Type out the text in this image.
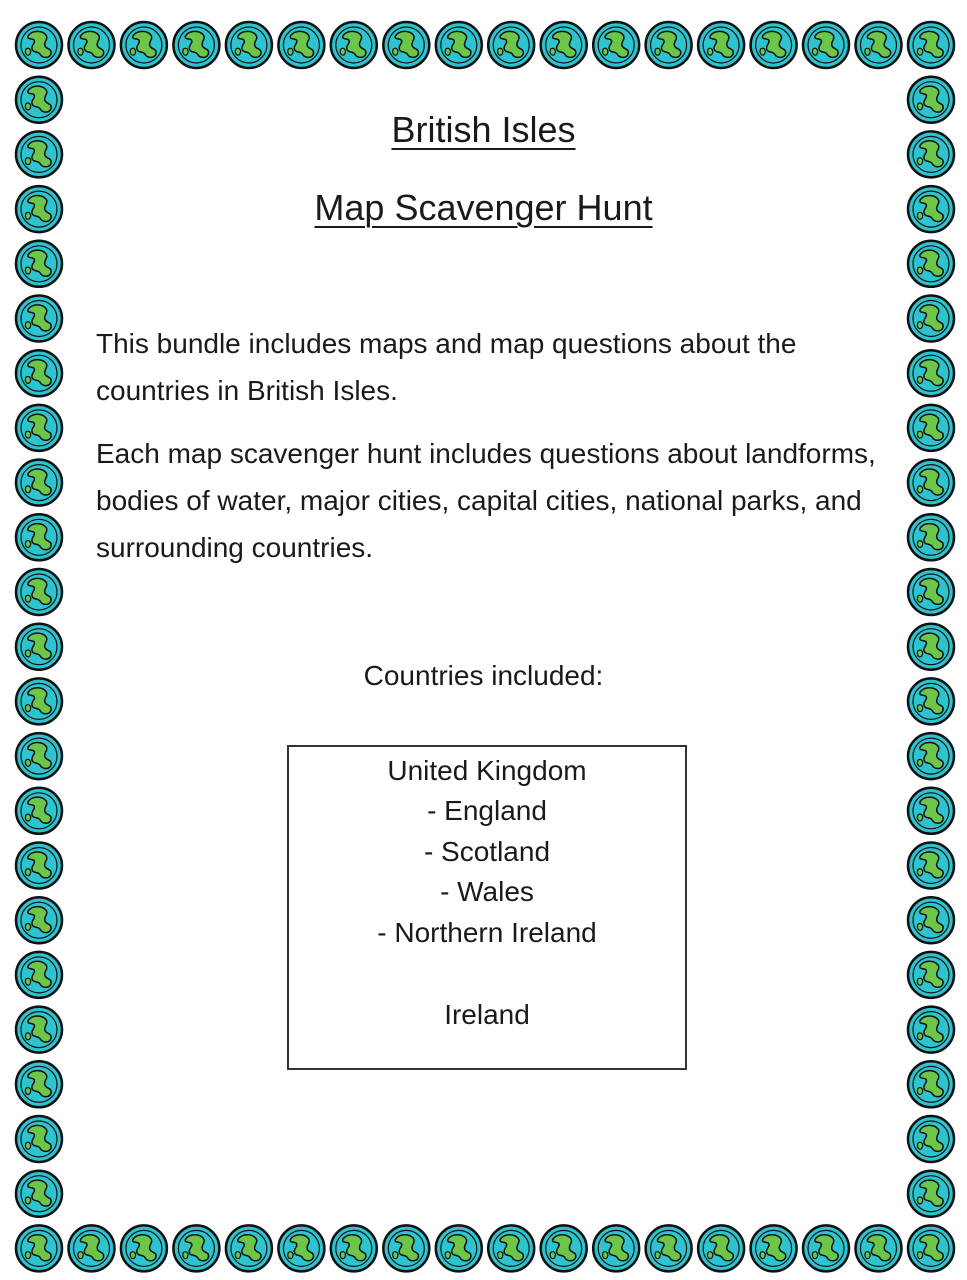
British Isles
Map Scavenger Hunt

This bundle includes maps and map questions about the countries in British Isles.

Each map scavenger hunt includes questions about landforms, bodies of water, major cities, capital cities, national parks, and surrounding countries.

Countries included:

United Kingdom
- England
- Scotland
- Wales
- Northern Ireland
Ireland
